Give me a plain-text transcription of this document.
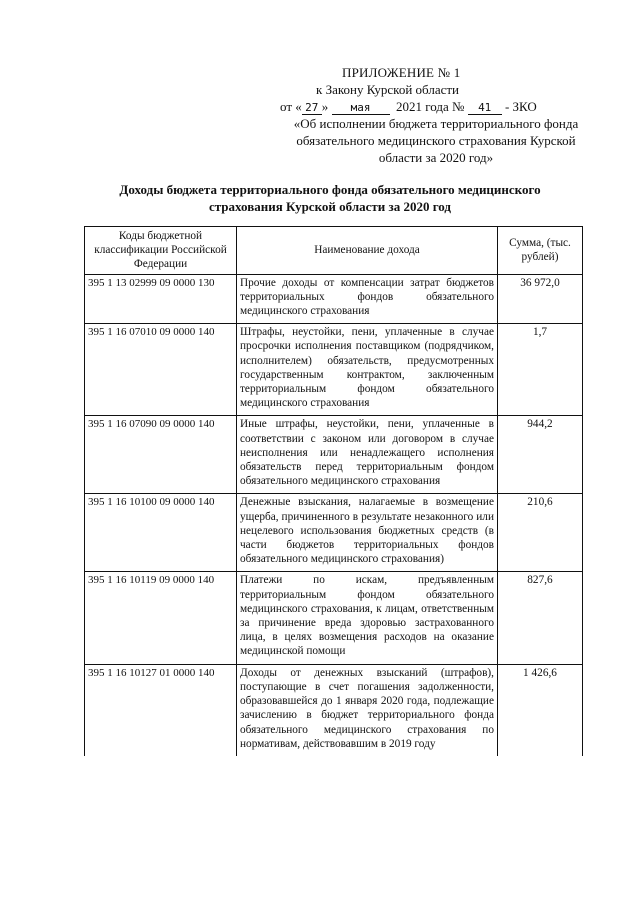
ПРИЛОЖЕНИЕ № 1
к Закону Курской области
от « 27 » мая 2021 года № 41 - ЗКО
«Об исполнении бюджета территориального фонда обязательного медицинского страхования Курской области за 2020 год»
Доходы бюджета территориального фонда обязательного медицинского страхования Курской области за 2020 год
Коды бюджетной классификации Российской Федерации	Наименование дохода	Сумма, (тыс. рублей)
395 1 13 02999 09 0000 130	Прочие доходы от компенсации затрат бюджетов территориальных фондов обязательного медицинского страхования	36 972,0
395 1 16 07010 09 0000 140	Штрафы, неустойки, пени, уплаченные в случае просрочки исполнения поставщиком (подрядчиком, исполнителем) обязательств, предусмотренных государственным контрактом, заключенным территориальным фондом обязательного медицинского страхования	1,7
395 1 16 07090 09 0000 140	Иные штрафы, неустойки, пени, уплаченные в соответствии с законом или договором в случае неисполнения или ненадлежащего исполнения обязательств перед территориальным фондом обязательного медицинского страхования	944,2
395 1 16 10100 09 0000 140	Денежные взыскания, налагаемые в возмещение ущерба, причиненного в результате незаконного или нецелевого использования бюджетных средств (в части бюджетов территориальных фондов обязательного медицинского страхования)	210,6
395 1 16 10119 09 0000 140	Платежи по искам, предъявленным территориальным фондом обязательного медицинского страхования, к лицам, ответственным за причинение вреда здоровью застрахованного лица, в целях возмещения расходов на оказание медицинской помощи	827,6
395 1 16 10127 01 0000 140	Доходы от денежных взысканий (штрафов), поступающие в счет погашения задолженности, образовавшейся до 1 января 2020 года, подлежащие зачислению в бюджет территориального фонда обязательного медицинского страхования по нормативам, действовавшим в 2019 году	1 426,6
